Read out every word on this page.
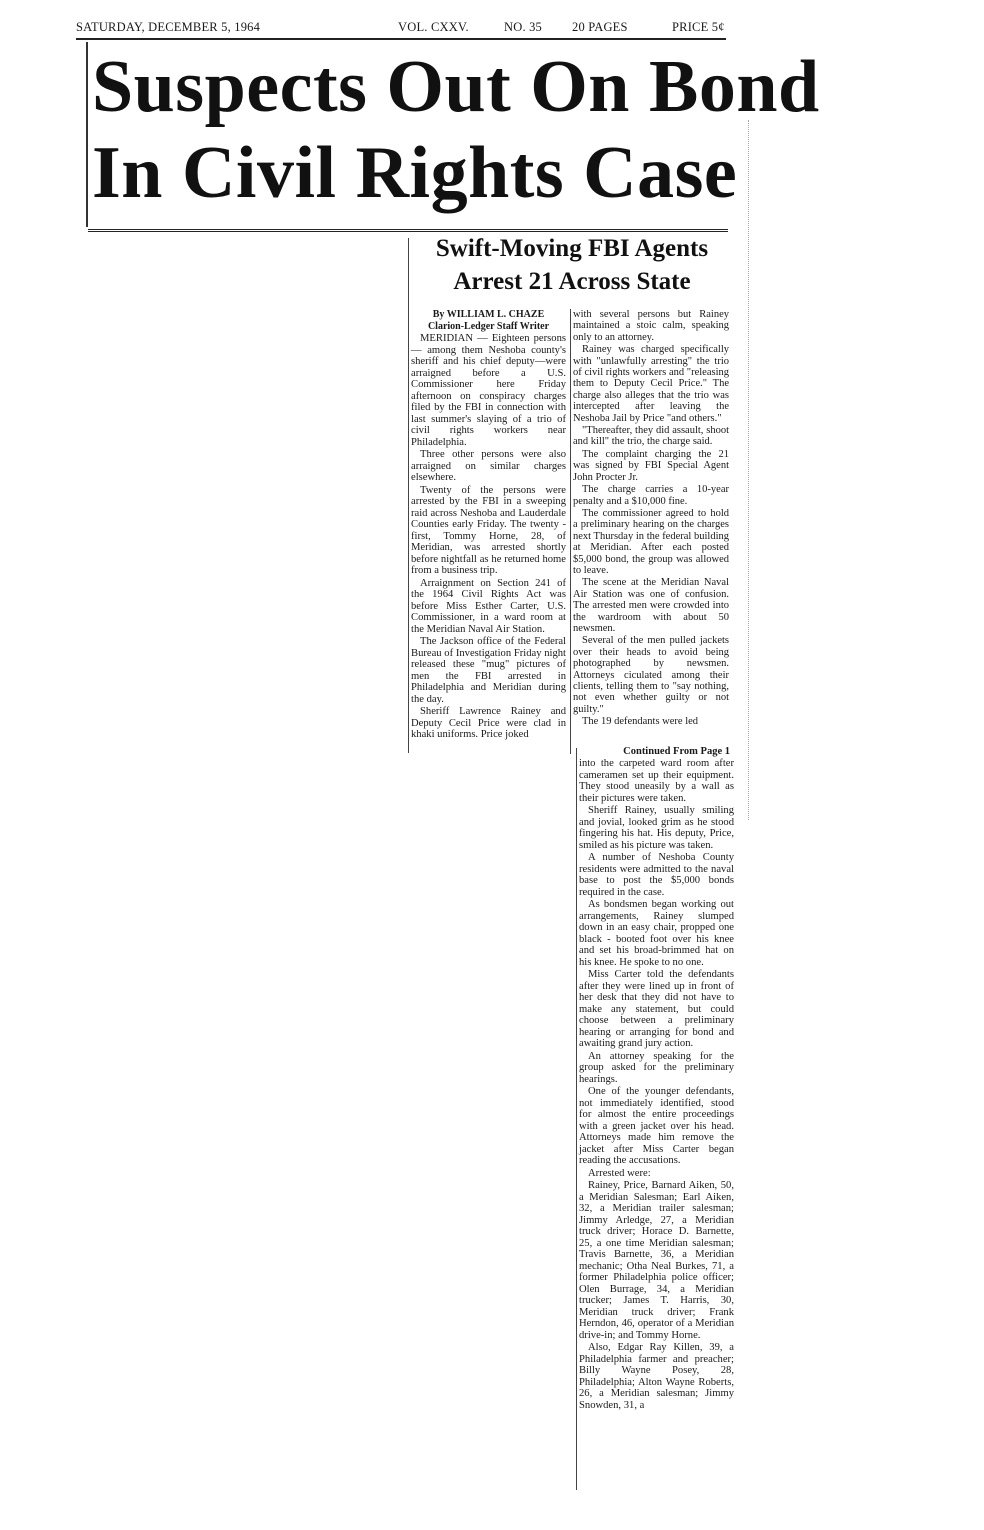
SATURDAY, DECEMBER 5, 1964	VOL. CXXV.	NO. 35 20 PAGES	PRICE 5¢
Suspects Out On Bond
In Civil Rights Case
Swift-Moving FBI Agents
Arrest 21 Across State
By WILLIAM L. CHAZE
Clarion-Ledger Staff Writer

MERIDIAN — Eighteen persons — among them Neshoba county's sheriff and his chief deputy—were arraigned before a U.S. Commissioner here Friday afternoon on conspiracy charges filed by the FBI in connection with last summer's slaying of a trio of civil rights workers near Philadelphia.

Three other persons were also arraigned on similar charges elsewhere.

Twenty of the persons were arrested by the FBI in a sweeping raid across Neshoba and Lauderdale Counties early Friday. The twenty - first, Tommy Horne, 28, of Meridian, was arrested shortly before nightfall as he returned home from a business trip.

Arraignment on Section 241 of the 1964 Civil Rights Act was before Miss Esther Carter, U.S. Commissioner, in a ward room at the Meridian Naval Air Station.

The Jackson office of the Federal Bureau of Investigation Friday night released these "mug" pictures of men the FBI arrested in Philadelphia and Meridian during the day.

Sheriff Lawrence Rainey and Deputy Cecil Price were clad in khaki uniforms. Price joked

with several persons but Rainey maintained a stoic calm, speaking only to an attorney.

Rainey was charged specifically with "unlawfully arresting" the trio of civil rights workers and "releasing them to Deputy Cecil Price." The charge also alleges that the trio was intercepted after leaving the Neshoba Jail by Price "and others."

"Thereafter, they did assault, shoot and kill" the trio, the charge said.

The complaint charging the 21 was signed by FBI Special Agent John Procter Jr.

The charge carries a 10-year penalty and a $10,000 fine.

The commissioner agreed to hold a preliminary hearing on the charges next Thursday in the federal building at Meridian. After each posted $5,000 bond, the group was allowed to leave.

The scene at the Meridian Naval Air Station was one of confusion. The arrested men were crowded into the wardroom with about 50 newsmen.

Several of the men pulled jackets over their heads to avoid being photographed by newsmen. Attorneys ciculated among their clients, telling them to "say nothing, not even whether guilty or not guilty."

The 19 defendants were led

Continued From Page 1

into the carpeted ward room after cameramen set up their equipment. They stood uneasily by a wall as their pictures were taken.

Sheriff Rainey, usually smiling and jovial, looked grim as he stood fingering his hat. His deputy, Price, smiled as his picture was taken.

A number of Neshoba County residents were admitted to the naval base to post the $5,000 bonds required in the case.

As bondsmen began working out arrangements, Rainey slumped down in an easy chair, propped one black - booted foot over his knee and set his broad-brimmed hat on his knee. He spoke to no one.

Miss Carter told the defendants after they were lined up in front of her desk that they did not have to make any statement, but could choose between a preliminary hearing or arranging for bond and awaiting grand jury action.

An attorney speaking for the group asked for the preliminary hearings.

One of the younger defendants, not immediately identified, stood for almost the entire proceedings with a green jacket over his head. Attorneys made him remove the jacket after Miss Carter began reading the accusations.

Arrested were:

Rainey, Price, Barnard Aiken, 50, a Meridian Salesman; Earl Aiken, 32, a Meridian trailer salesman; Jimmy Arledge, 27, a Meridian truck driver; Horace D. Barnette, 25, a one time Meridian salesman; Travis Barnette, 36, a Meridian mechanic; Otha Neal Burkes, 71, a former Philadelphia police officer; Olen Burrage, 34, a Meridian trucker; James T. Harris, 30, Meridian truck driver; Frank Herndon, 46, operator of a Meridian drive-in; and Tommy Horne.

Also, Edgar Ray Killen, 39, a Philadelphia farmer and preacher; Billy Wayne Posey, 28, Philadelphia; Alton Wayne Roberts, 26, a Meridian salesman; Jimmy Snowden, 31, a
